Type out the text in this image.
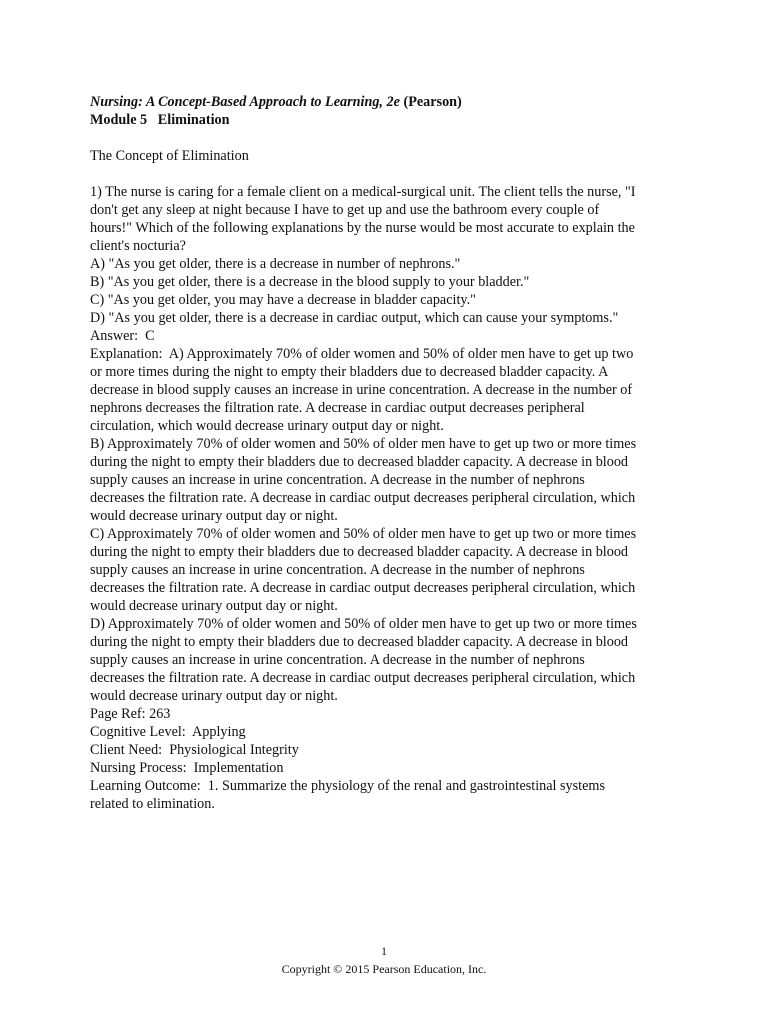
Nursing: A Concept-Based Approach to Learning, 2e (Pearson)

Module 5   Elimination

The Concept of Elimination

1) The nurse is caring for a female client on a medical-surgical unit. The client tells the nurse, "I
don't get any sleep at night because I have to get up and use the bathroom every couple of
hours!" Which of the following explanations by the nurse would be most accurate to explain the
client's nocturia?
A) "As you get older, there is a decrease in number of nephrons."
B) "As you get older, there is a decrease in the blood supply to your bladder."
C) "As you get older, you may have a decrease in bladder capacity."
D) "As you get older, there is a decrease in cardiac output, which can cause your symptoms."
Answer:  C
Explanation:  A) Approximately 70% of older women and 50% of older men have to get up two
or more times during the night to empty their bladders due to decreased bladder capacity. A
decrease in blood supply causes an increase in urine concentration. A decrease in the number of
nephrons decreases the filtration rate. A decrease in cardiac output decreases peripheral
circulation, which would decrease urinary output day or night.
B) Approximately 70% of older women and 50% of older men have to get up two or more times
during the night to empty their bladders due to decreased bladder capacity. A decrease in blood
supply causes an increase in urine concentration. A decrease in the number of nephrons
decreases the filtration rate. A decrease in cardiac output decreases peripheral circulation, which
would decrease urinary output day or night.
C) Approximately 70% of older women and 50% of older men have to get up two or more times
during the night to empty their bladders due to decreased bladder capacity. A decrease in blood
supply causes an increase in urine concentration. A decrease in the number of nephrons
decreases the filtration rate. A decrease in cardiac output decreases peripheral circulation, which
would decrease urinary output day or night.
D) Approximately 70% of older women and 50% of older men have to get up two or more times
during the night to empty their bladders due to decreased bladder capacity. A decrease in blood
supply causes an increase in urine concentration. A decrease in the number of nephrons
decreases the filtration rate. A decrease in cardiac output decreases peripheral circulation, which
would decrease urinary output day or night.
Page Ref: 263
Cognitive Level:  Applying
Client Need:  Physiological Integrity
Nursing Process:  Implementation
Learning Outcome:  1. Summarize the physiology of the renal and gastrointestinal systems
related to elimination.
1
Copyright © 2015 Pearson Education, Inc.
